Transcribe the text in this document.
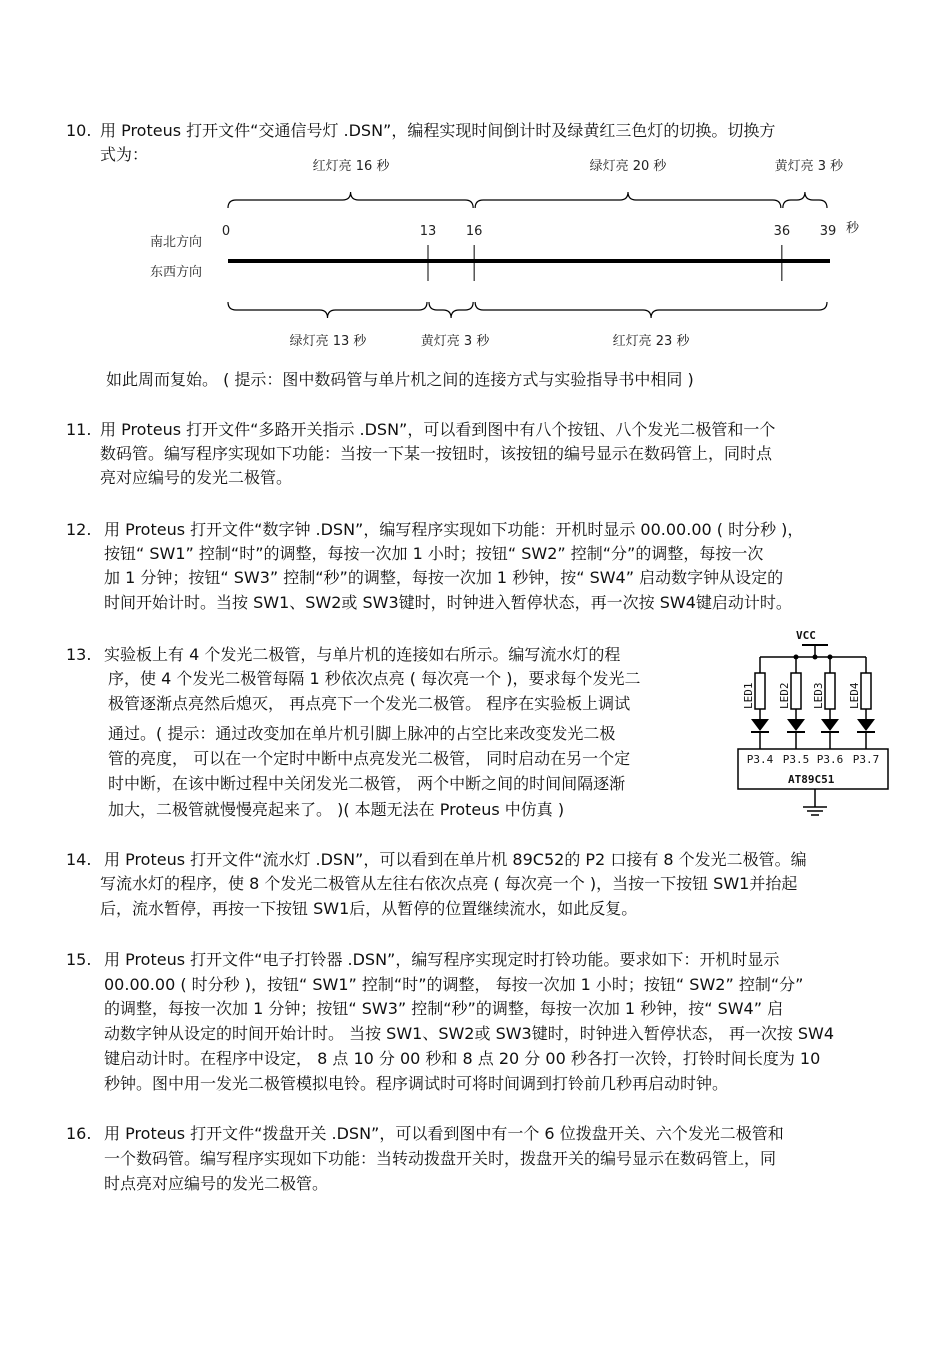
10. 用 Proteus 打开文件“交通信号灯 .DSN”，编程实现时间倒计时及绿黄红三色灯的切换。切换方
式为：
红灯亮 16 秒	绿灯亮 20 秒	黄灯亮 3 秒
南北方向
东西方向
0	13 16	36 39 秒
绿灯亮 13 秒	黄灯亮 3 秒	红灯亮 23 秒
如此周而复始。 ( 提示：图中数码管与单片机之间的连接方式与实验指导书中相同 )
11. 用 Proteus 打开文件“多路开关指示 .DSN”，可以看到图中有八个按钮、八个发光二极管和一个
数码管。编写程序实现如下功能：当按一下某一按钮时，该按钮的编号显示在数码管上，同时点
亮对应编号的发光二极管。
12. 用 Proteus 打开文件“数字钟 .DSN”，编写程序实现如下功能：开机时显示 00.00.00 ( 时分秒 )，
按钮“ SW1” 控制“时”的调整，每按一次加 1 小时；按钮“ SW2” 控制“分”的调整，每按一次
加 1 分钟；按钮“ SW3” 控制“秒”的调整，每按一次加 1 秒钟，按“ SW4” 启动数字钟从设定的
时间开始计时。当按 SW1、SW2或 SW3键时，时钟进入暂停状态，再一次按 SW4键启动计时。
13. 实验板上有 4 个发光二极管，与单片机的连接如右所示。编写流水灯的程
序，使 4 个发光二极管每隔 1 秒依次点亮 ( 每次亮一个 )，要求每个发光二
极管逐渐点亮然后熄灭， 再点亮下一个发光二极管。 程序在实验板上调试
通过。( 提示：通过改变加在单片机引脚上脉冲的占空比来改变发光二极
管的亮度， 可以在一个定时中断中点亮发光二极管， 同时启动在另一个定
时中断，在该中断过程中关闭发光二极管， 两个中断之间的时间间隔逐渐
加大，二极管就慢慢亮起来了。 )( 本题无法在 Proteus 中仿真 )
VCC
LED1 LED2 LED3 LED4
AT89C51
P3.4 P3.5 P3.6 P3.7
14. 用 Proteus 打开文件“流水灯 .DSN”，可以看到在单片机 89C52的 P2 口接有 8 个发光二极管。编
写流水灯的程序，使 8 个发光二极管从左往右依次点亮 ( 每次亮一个 )，当按一下按钮 SW1并抬起
后，流水暂停，再按一下按钮 SW1后，从暂停的位置继续流水，如此反复。
15. 用 Proteus 打开文件“电子打铃器 .DSN”，编写程序实现定时打铃功能。要求如下：开机时显示
00.00.00 ( 时分秒 )，按钮“ SW1” 控制“时”的调整， 每按一次加 1 小时；按钮“ SW2” 控制“分”
的调整，每按一次加 1 分钟；按钮“ SW3” 控制“秒”的调整，每按一次加 1 秒钟，按“ SW4” 启
动数字钟从设定的时间开始计时。 当按 SW1、SW2或 SW3键时，时钟进入暂停状态， 再一次按 SW4
键启动计时。在程序中设定， 8 点 10 分 00 秒和 8 点 20 分 00 秒各打一次铃，打铃时间长度为 10
秒钟。图中用一发光二极管模拟电铃。程序调试时可将时间调到打铃前几秒再启动时钟。
16. 用 Proteus 打开文件“拨盘开关 .DSN”，可以看到图中有一个 6 位拨盘开关、六个发光二极管和
一个数码管。编写程序实现如下功能：当转动拨盘开关时，拨盘开关的编号显示在数码管上，同
时点亮对应编号的发光二极管。
